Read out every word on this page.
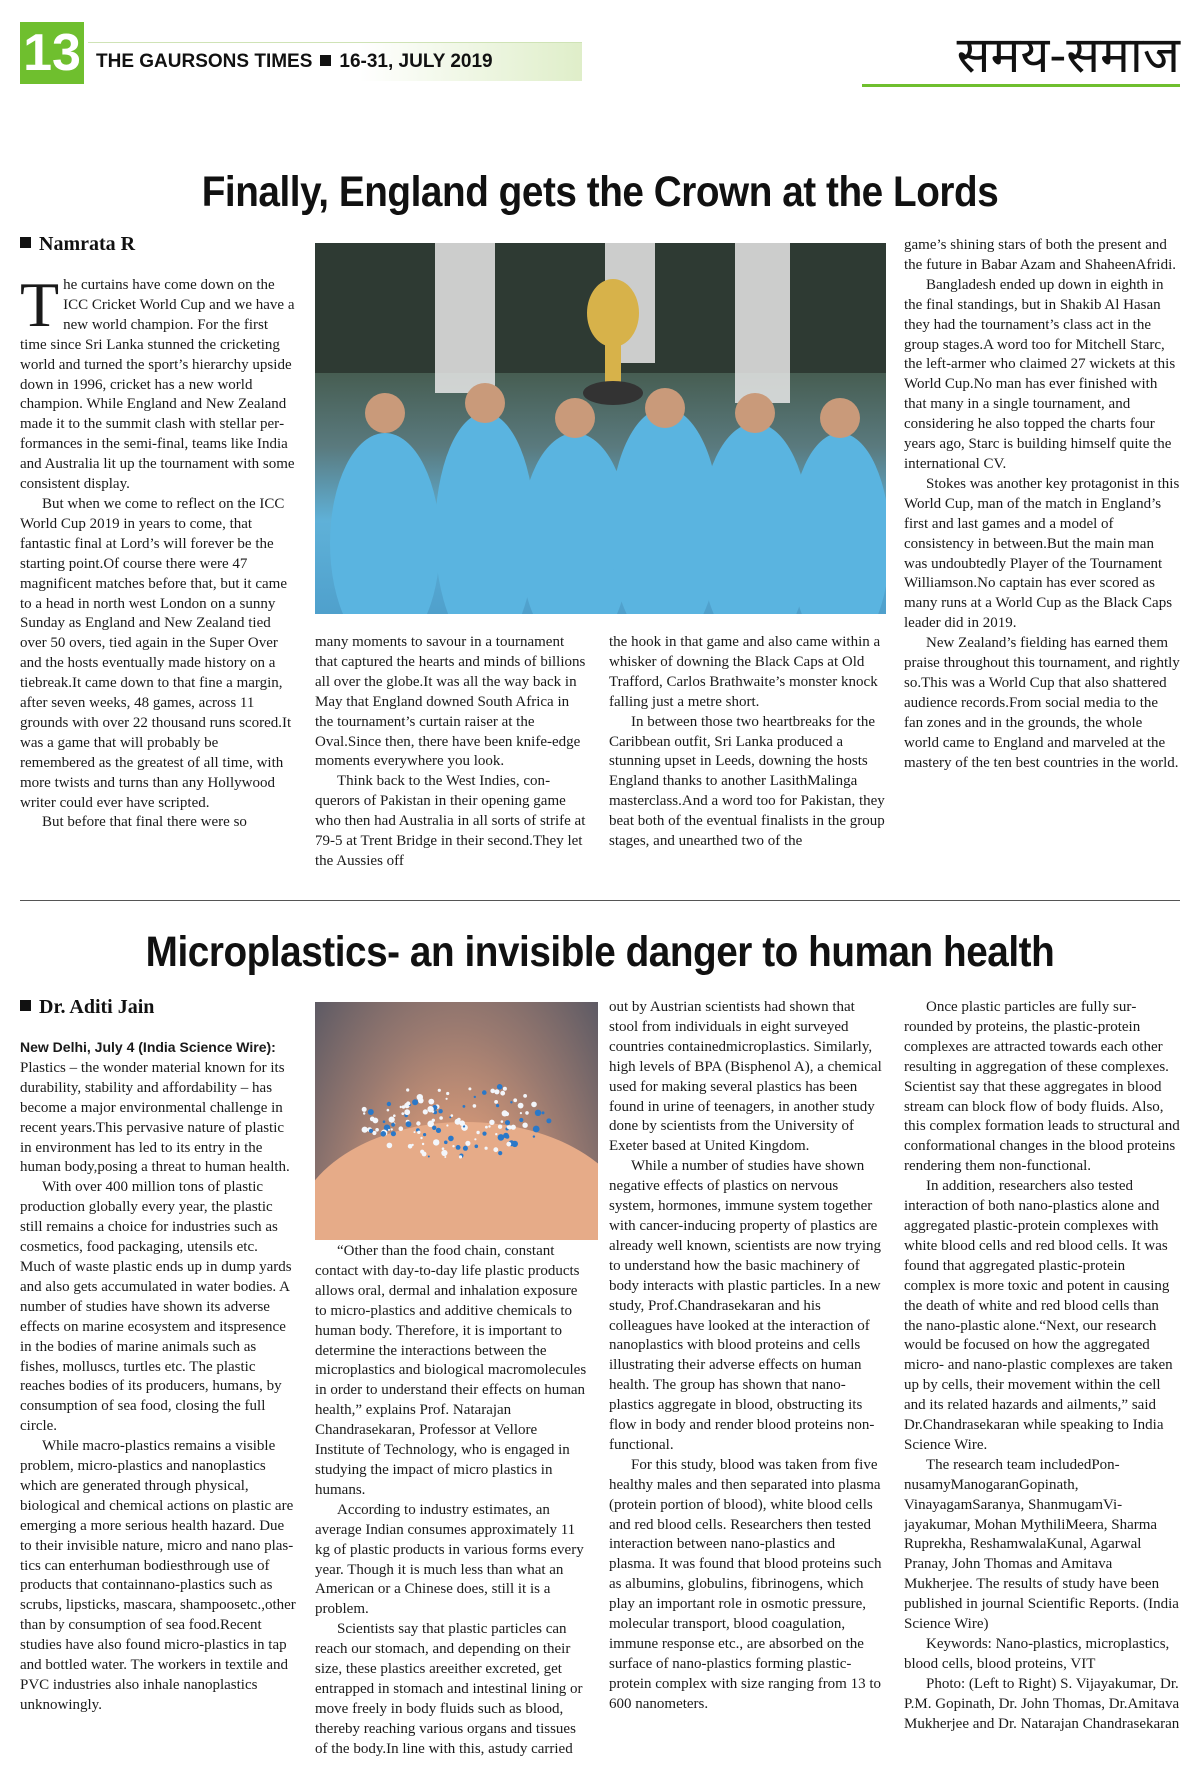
13 THE GAURSONS TIMES 16-31, JULY 2019	समय-समाज
Finally, England gets the Crown at the Lords
Namrata R

The curtains have come down on the ICC Cricket World Cup and we have a new world champion. For the first time since Sri Lanka stunned the cricketing world and turned the sport’s hierarchy upside down in 1996, cricket has a new world champion. While England and New Zealand made it to the summit clash with stellar performances in the semi-final, teams like India and Australia lit up the tournament with some consistent display.

But when we come to reflect on the ICC World Cup 2019 in years to come, that fantastic final at Lord’s will forever be the starting point.Of course there were 47 magnificent matches before that, but it came to a head in north west London on a sunny Sunday as England and New Zealand tied over 50 overs, tied again in the Super Over and the hosts eventually made history on a tiebreak.It came down to that fine a margin, after seven weeks, 48 games, across 11 grounds with over 22 thousand runs scored.It was a game that will probably be remembered as the greatest of all time, with more twists and turns than any Hollywood writer could ever have scripted.

But before that final there were so

many moments to savour in a tournament that captured the hearts and minds of billions all over the globe.It was all the way back in May that England downed South Africa in the tournament’s curtain raiser at the Oval.Since then, there have been knife-edge moments everywhere you look.

Think back to the West Indies, conquerors of Pakistan in their opening game who then had Australia in all sorts of strife at 79-5 at Trent Bridge in their second.They let the Aussies off

the hook in that game and also came within a whisker of downing the Black Caps at Old Trafford, Carlos Brathwaite’s monster knock falling just a metre short.

In between those two heartbreaks for the Caribbean outfit, Sri Lanka produced a stunning upset in Leeds, downing the hosts England thanks to another LasithMalinga masterclass.And a word too for Pakistan, they beat both of the eventual finalists in the group stages, and unearthed two of the

game’s shining stars of both the present and the future in Babar Azam and ShaheenAfridi.

Bangladesh ended up down in eighth in the final standings, but in Shakib Al Hasan they had the tournament’s class act in the group stages.A word too for Mitchell Starc, the left-armer who claimed 27 wickets at this World Cup.No man has ever finished with that many in a single tournament, and considering he also topped the charts four years ago, Starc is building himself quite the international CV.

Stokes was another key protagonist in this World Cup, man of the match in England’s first and last games and a model of consistency in between.But the main man was undoubtedly Player of the Tournament Williamson.No captain has ever scored as many runs at a World Cup as the Black Caps leader did in 2019.

New Zealand’s fielding has earned them praise throughout this tournament, and rightly so.This was a World Cup that also shattered audience records.From social media to the fan zones and in the grounds, the whole world came to England and marveled at the mastery of the ten best countries in the world.

Microplastics- an invisible danger to human health
Dr. Aditi Jain

New Delhi, July 4 (India Science Wire):

Plastics – the wonder material known for its durability, stability and affordability – has become a major environmental challenge in recent years.This pervasive nature of plastic in environment has led to its entry in the human body,posing a threat to human health.

With over 400 million tons of plastic production globally every year, the plastic still remains a choice for industries such as cosmetics, food packaging, utensils etc. Much of waste plastic ends up in dump yards and also gets accumulated in water bodies. A number of studies have shown its adverse effects on marine ecosystem and itspresence in the bodies of marine animals such as fishes, molluscs, turtles etc. The plastic reaches bodies of its producers, humans, by consumption of sea food, closing the full circle.

While macro-plastics remains a visible problem, micro-plastics and nanoplastics which are generated through physical, biological and chemical actions on plastic are emerging a more serious health hazard. Due to their invisible nature, micro and nano plastics can enterhuman bodiesthrough use of products that containnano-plastics such as scrubs, lipsticks, mascara, shampoosetc.,other than by consumption of sea food.Recent studies have also found micro-plastics in tap and bottled water. The workers in textile and PVC industries also inhale nanoplastics unknowingly.

“Other than the food chain, constant contact with day-to-day life plastic products allows oral, dermal and inhalation exposure to micro-plastics and additive chemicals to human body. Therefore, it is important to determine the interactions between the microplastics and biological macromolecules in order to understand their effects on human health,” explains Prof. Natarajan Chandrasekaran, Professor at Vellore Institute of Technology, who is engaged in studying the impact of micro plastics in humans.

According to industry estimates, an average Indian consumes approximately 11 kg of plastic products in various forms every year. Though it is much less than what an American or a Chinese does, still it is a problem.

Scientists say that plastic particles can reach our stomach, and depending on their size, these plastics areeither excreted, get entrapped in stomach and intestinal lining or move freely in body fluids such as blood, thereby reaching various organs and tissues of the body.In line with this, astudy carried

out by Austrian scientists had shown that stool from individuals in eight surveyed countries containedmicroplastics. Similarly, high levels of BPA (Bisphenol A), a chemical used for making several plastics has been found in urine of teenagers, in another study done by scientists from the University of Exeter based at United Kingdom.

While a number of studies have shown negative effects of plastics on nervous system, hormones, immune system together with cancer-inducing property of plastics are already well known, scientists are now trying to understand how the basic machinery of body interacts with plastic particles. In a new study, Prof.Chandrasekaran and his colleagues have looked at the interaction of nanoplastics with blood proteins and cells illustrating their adverse effects on human health. The group has shown that nano-plastics aggregate in blood, obstructing its flow in body and render blood proteins non-functional.

For this study, blood was taken from five healthy males and then separated into plasma (protein portion of blood), white blood cells and red blood cells. Researchers then tested interaction between nano-plastics and plasma. It was found that blood proteins such as albumins, globulins, fibrinogens, which play an important role in osmotic pressure, molecular transport, blood coagulation, immune response etc., are absorbed on the surface of nano-plastics forming plastic-protein complex with size ranging from 13 to 600 nanometers.

Once plastic particles are fully surrounded by proteins, the plastic-protein complexes are attracted towards each other resulting in aggregation of these complexes. Scientist say that these aggregates in blood stream can block flow of body fluids. Also, this complex formation leads to structural and conformational changes in the blood proteins rendering them non-functional.

In addition, researchers also tested interaction of both nano-plastics alone and aggregated plastic-protein complexes with white blood cells and red blood cells. It was found that aggregated plastic-protein complex is more toxic and potent in causing the death of white and red blood cells than the nano-plastic alone.“Next, our research would be focused on how the aggregated micro- and nano-plastic complexes are taken up by cells, their movement within the cell and its related hazards and ailments,” said Dr.Chandrasekaran while speaking to India Science Wire.

The research team includedPonnusamyManogaranGopinath, VinayagamSaranya, ShanmugamVijayakumar, Mohan MythiliMeera, Sharma Ruprekha, ReshamwalaKunal, Agarwal Pranay, John Thomas and Amitava Mukherjee. The results of study have been published in journal Scientific Reports. (India Science Wire)

Keywords: Nano-plastics, microplastics, blood cells, blood proteins, VIT

Photo: (Left to Right) S. Vijayakumar, Dr. P.M. Gopinath, Dr. John Thomas, Dr.Amitava Mukherjee and Dr. Natarajan Chandrasekaran
